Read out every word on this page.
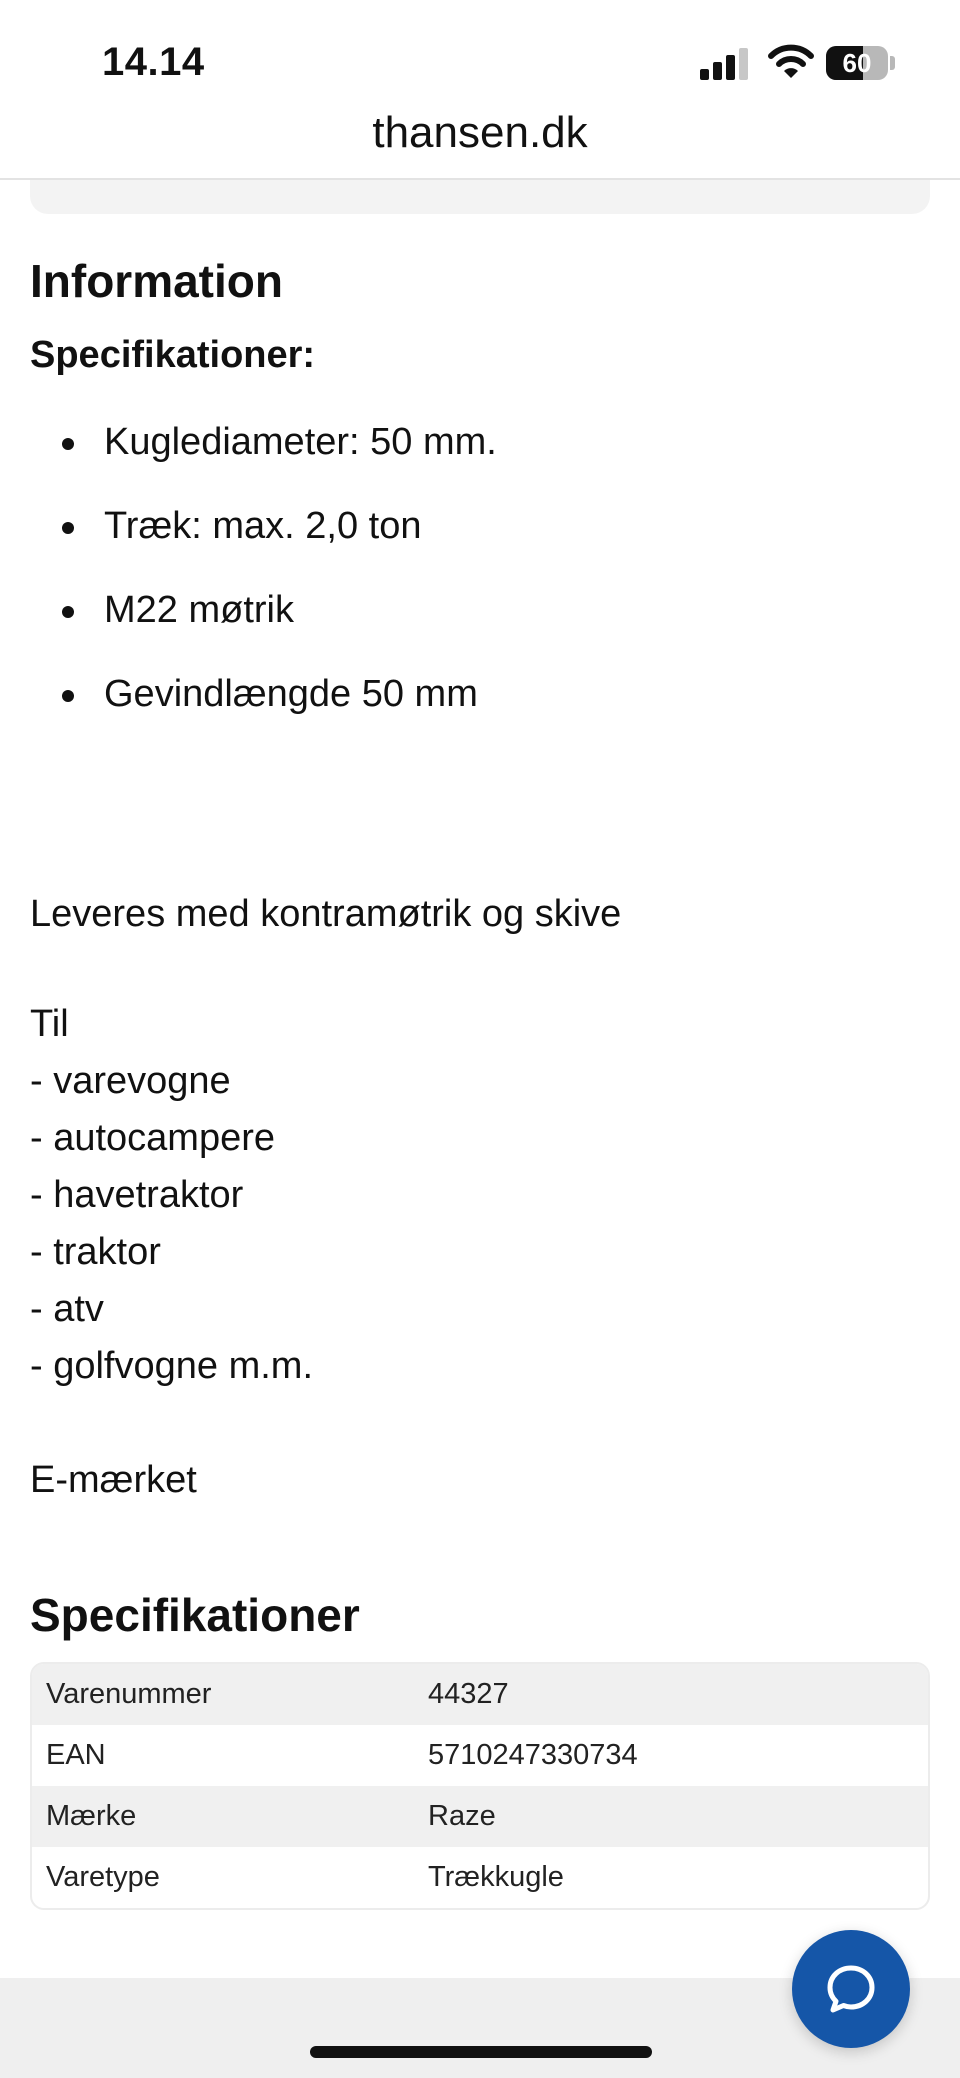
14.14	60
thansen.dk
Information
Specifikationer:
Kuglediameter: 50 mm.
Træk: max. 2,0 ton
M22 møtrik
Gevindlængde 50 mm
Leveres med kontramøtrik og skive
Til
- varevogne
- autocampere
- havetraktor
- traktor
- atv
- golfvogne m.m.
E-mærket
Specifikationer
Varenummer	44327
EAN	5710247330734
Mærke	Raze
Varetype	Trækkugle
